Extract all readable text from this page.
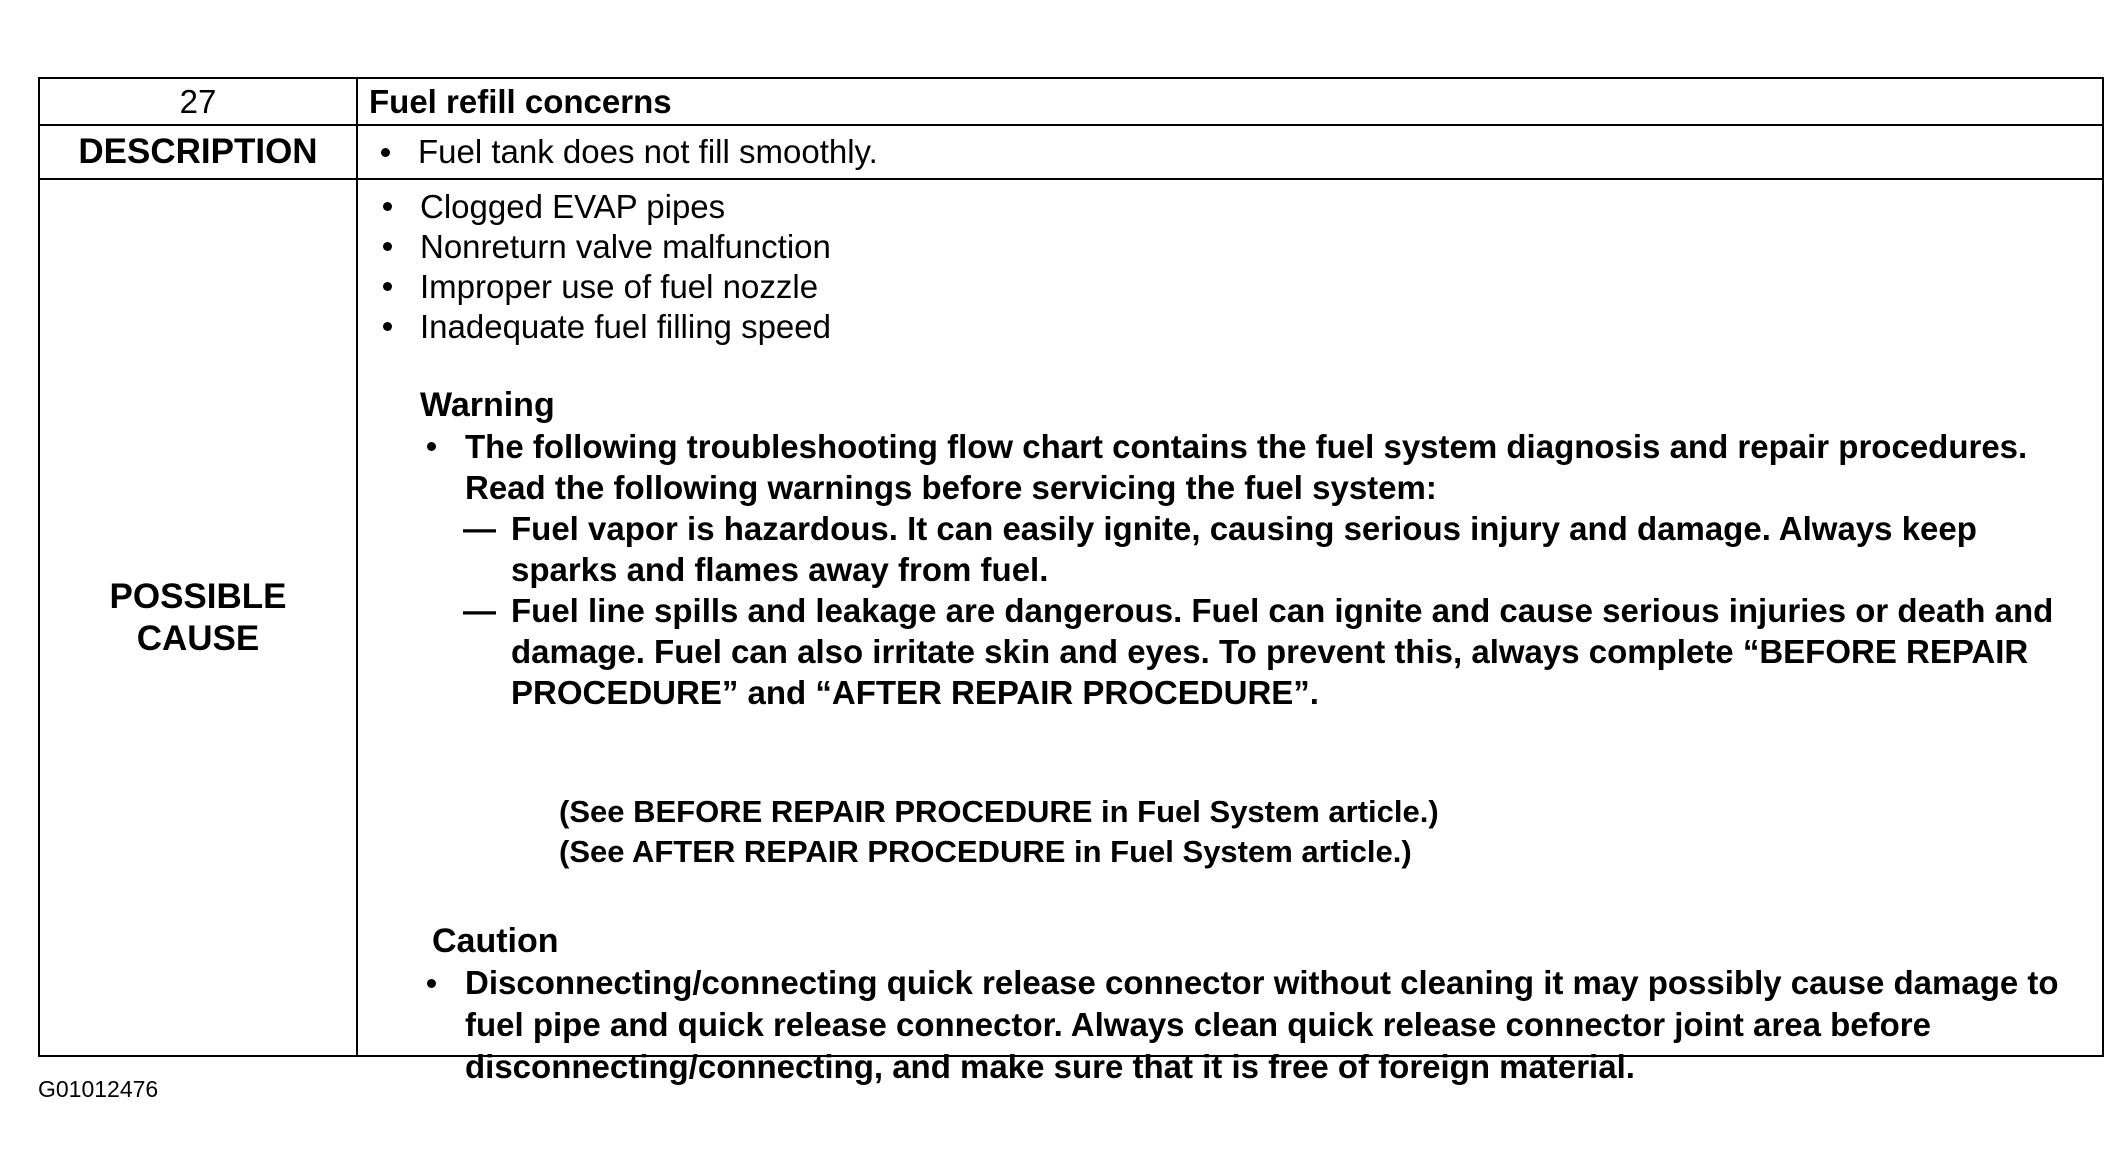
27	Fuel refill concerns
DESCRIPTION	Fuel tank does not fill smoothly.
POSSIBLE
CAUSE
Clogged EVAP pipes
Nonreturn valve malfunction
Improper use of fuel nozzle
Inadequate fuel filling speed
Warning
The following troubleshooting flow chart contains the fuel system diagnosis and repair procedures. Read the following warnings before servicing the fuel system:
— Fuel vapor is hazardous. It can easily ignite, causing serious injury and damage. Always keep sparks and flames away from fuel.
— Fuel line spills and leakage are dangerous. Fuel can ignite and cause serious injuries or death and damage. Fuel can also irritate skin and eyes. To prevent this, always complete “BEFORE REPAIR PROCEDURE” and “AFTER REPAIR PROCEDURE”.
(See BEFORE REPAIR PROCEDURE in Fuel System article.)
(See AFTER REPAIR PROCEDURE in Fuel System article.)
Caution
Disconnecting/connecting quick release connector without cleaning it may possibly cause damage to fuel pipe and quick release connector. Always clean quick release connector joint area before disconnecting/connecting, and make sure that it is free of foreign material.
G01012476
